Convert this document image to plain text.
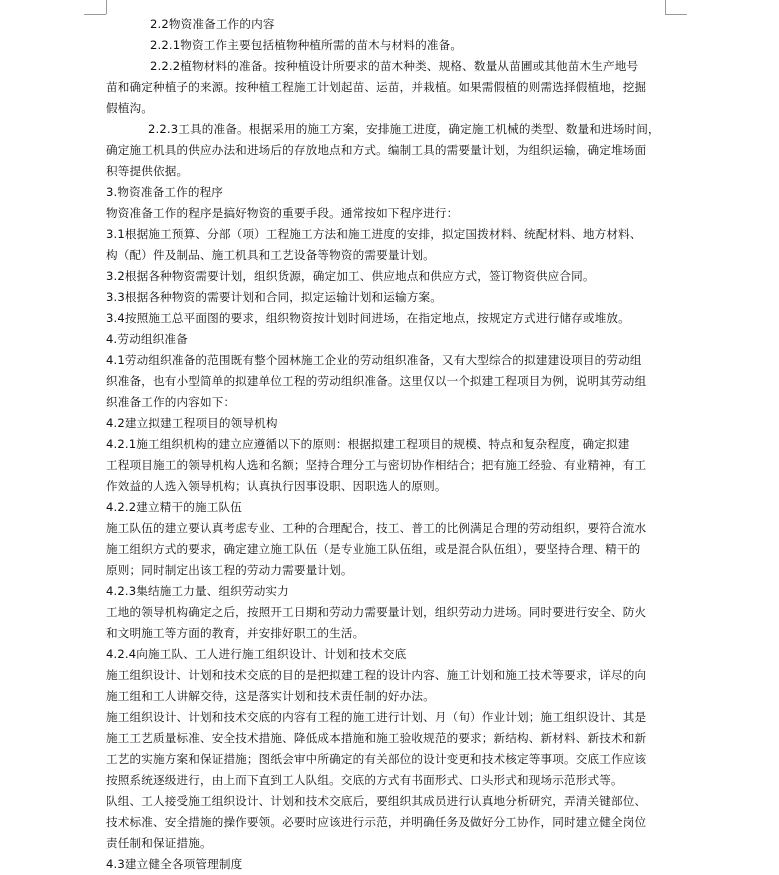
2.2物资准备工作的内容
2.2.1物资工作主要包括植物种植所需的苗木与材料的准备。
2.2.2植物材料的准备。按种植设计所要求的苗木种类、规格、数量从苗圃或其他苗木生产地号
苗和确定种植子的来源。按种植工程施工计划起苗、运苗，并栽植。如果需假植的则需选择假植地，挖掘
假植沟。
2.2.3工具的准备。根据采用的施工方案，安排施工进度，确定施工机械的类型、数量和进场时间，
确定施工机具的供应办法和进场后的存放地点和方式。编制工具的需要量计划，为组织运输，确定堆场面
积等提供依据。
3.物资准备工作的程序
物资准备工作的程序是搞好物资的重要手段。通常按如下程序进行：
3.1根据施工预算、分部（项）工程施工方法和施工进度的安排，拟定国拨材料、统配材料、地方材料、
构（配）件及制品、施工机具和工艺设备等物资的需要量计划。
3.2根据各种物资需要计划，组织货源，确定加工、供应地点和供应方式，签订物资供应合同。
3.3根据各种物资的需要计划和合同，拟定运输计划和运输方案。
3.4按照施工总平面图的要求，组织物资按计划时间进场，在指定地点，按规定方式进行储存或堆放。
4.劳动组织准备
4.1劳动组织准备的范围既有整个园林施工企业的劳动组织准备，又有大型综合的拟建建设项目的劳动组
织准备，也有小型简单的拟建单位工程的劳动组织准备。这里仅以一个拟建工程项目为例，说明其劳动组
织准备工作的内容如下：
4.2建立拟建工程项目的领导机构
4.2.1施工组织机构的建立应遵循以下的原则：根据拟建工程项目的规模、特点和复杂程度，确定拟建
工程项目施工的领导机构人选和名额；坚持合理分工与密切协作相结合；把有施工经验、有业精神，有工
作效益的人选入领导机构；认真执行因事设职、因职选人的原则。
4.2.2建立精干的施工队伍
施工队伍的建立要认真考虑专业、工种的合理配合，技工、普工的比例满足合理的劳动组织，要符合流水
施工组织方式的要求，确定建立施工队伍（是专业施工队伍组，或是混合队伍组），要坚持合理、精干的
原则；同时制定出该工程的劳动力需要量计划。
4.2.3集结施工力量、组织劳动实力
工地的领导机构确定之后，按照开工日期和劳动力需要量计划，组织劳动力进场。同时要进行安全、防火
和文明施工等方面的教育，并安排好职工的生活。
4.2.4向施工队、工人进行施工组织设计、计划和技术交底
施工组织设计、计划和技术交底的目的是把拟建工程的设计内容、施工计划和施工技术等要求，详尽的向
施工组和工人讲解交待，这是落实计划和技术责任制的好办法。
施工组织设计、计划和技术交底的内容有工程的施工进行计划、月（旬）作业计划；施工组织设计、其是
施工工艺质量标准、安全技术措施、降低成本措施和施工验收规范的要求；新结构、新材料、新技术和新
工艺的实施方案和保证措施；图纸会审中所确定的有关部位的设计变更和技术核定等事项。交底工作应该
按照系统逐级进行，由上而下直到工人队组。交底的方式有书面形式、口头形式和现场示范形式等。
队组、工人接受施工组织设计、计划和技术交底后，要组织其成员进行认真地分析研究，弄清关键部位、
技术标准、安全措施的操作要领。必要时应该进行示范，并明确任务及做好分工协作，同时建立健全岗位
责任制和保证措施。
4.3建立健全各项管理制度
